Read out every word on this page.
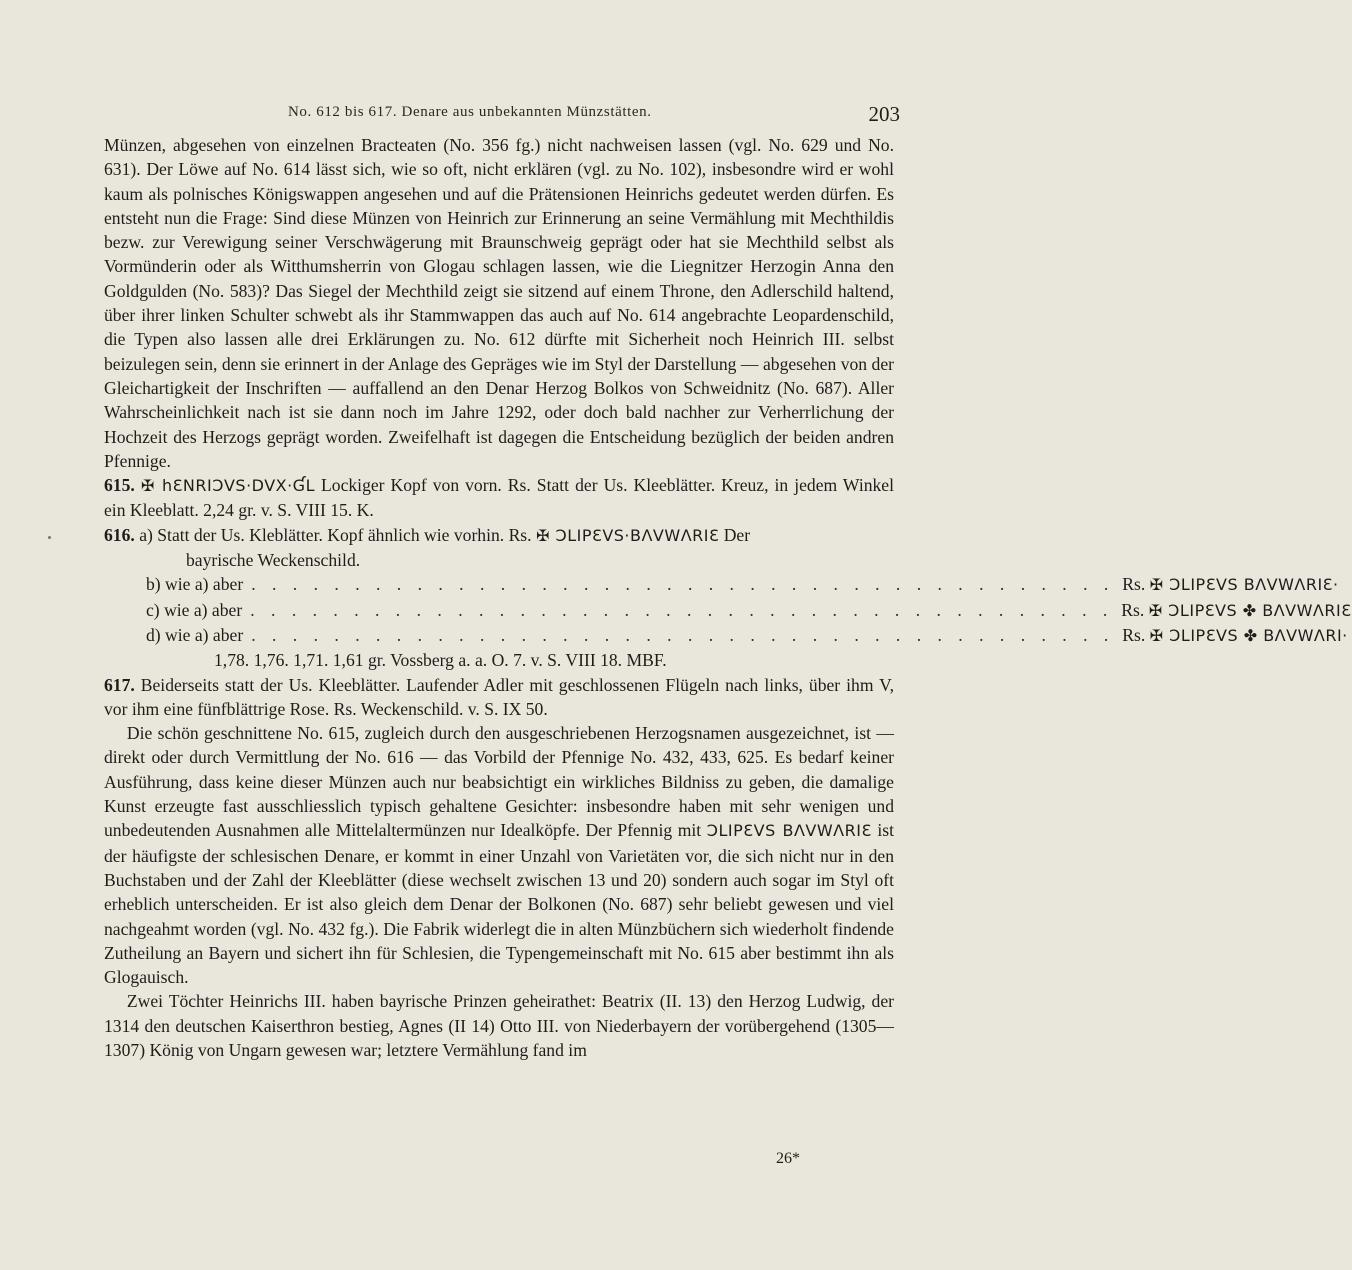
No. 612 bis 617. Denare aus unbekannten Münzstätten.	203

Münzen, abgesehen von einzelnen Bracteaten (No. 356 fg.) nicht nachweisen lassen (vgl. No. 629 und No. 631). Der Löwe auf No. 614 lässt sich, wie so oft, nicht erklären (vgl. zu No. 102), insbesondre wird er wohl kaum als polnisches Königswappen angesehen und auf die Prätensionen Heinrichs gedeutet werden dürfen. Es entsteht nun die Frage: Sind diese Münzen von Heinrich zur Erinnerung an seine Vermählung mit Mechthildis bezw. zur Verewigung seiner Verschwägerung mit Braunschweig geprägt oder hat sie Mechthild selbst als Vormünderin oder als Witthumsherrin von Glogau schlagen lassen, wie die Liegnitzer Herzogin Anna den Goldgulden (No. 583)? Das Siegel der Mechthild zeigt sie sitzend auf einem Throne, den Adlerschild haltend, über ihrer linken Schulter schwebt als ihr Stammwappen das auch auf No. 614 angebrachte Leopardenschild, die Typen also lassen alle drei Erklärungen zu. No. 612 dürfte mit Sicherheit noch Heinrich III. selbst beizulegen sein, denn sie erinnert in der Anlage des Gepräges wie im Styl der Darstellung — abgesehen von der Gleichartigkeit der Inschriften — auffallend an den Denar Herzog Bolkos von Schweidnitz (No. 687). Aller Wahrscheinlichkeit nach ist sie dann noch im Jahre 1292, oder doch bald nachher zur Verherrlichung der Hochzeit des Herzogs geprägt worden. Zweifelhaft ist dagegen die Entscheidung bezüglich der beiden andren Pfennige.

615. ✠ hƐNRIƆVS·DVX·ƓL Lockiger Kopf von vorn. Rs. Statt der Us. Kleeblätter. Kreuz, in jedem Winkel ein Kleeblatt. 2,24 gr. v. S. VIII 15. K.

616. a) Statt der Us. Kleblätter. Kopf ähnlich wie vorhin. Rs. ✠ ƆLIPƐVS·BΛVWΛRIƐ Der

bayrische Weckenschild.

b) wie a) aber . . . . . . . . . . . . . . . . . . . . . . . . . . . . . . . . . . . . . . . . . . Rs. ✠ ƆLIPƐVS BΛVWΛRIƐ·
c) wie a) aber . . . . . . . . . . . . . . . . . . . . . . . . . . . . . . . . . . . . . . . . . . Rs. ✠ ƆLIPƐVS ✤ BΛVWΛRIƐ
d) wie a) aber . . . . . . . . . . . . . . . . . . . . . . . . . . . . . . . . . . . . . . . . . . Rs. ✠ ƆLIPƐVS ✤ BΛVWΛRI·

1,78. 1,76. 1,71. 1,61 gr. Vossberg a. a. O. 7. v. S. VIII 18. MBF.

617. Beiderseits statt der Us. Kleeblätter. Laufender Adler mit geschlossenen Flügeln nach links, über ihm V, vor ihm eine fünfblättrige Rose. Rs. Weckenschild. v. S. IX 50.

Die schön geschnittene No. 615, zugleich durch den ausgeschriebenen Herzogsnamen ausgezeichnet, ist — direkt oder durch Vermittlung der No. 616 — das Vorbild der Pfennige No. 432, 433, 625. Es bedarf keiner Ausführung, dass keine dieser Münzen auch nur beabsichtigt ein wirkliches Bildniss zu geben, die damalige Kunst erzeugte fast ausschliesslich typisch gehaltene Gesichter: insbesondre haben mit sehr wenigen und unbedeutenden Ausnahmen alle Mittelaltermünzen nur Idealköpfe. Der Pfennig mit ƆLIPƐVS BΛVWΛRIƐ ist der häufigste der schlesischen Denare, er kommt in einer Unzahl von Varietäten vor, die sich nicht nur in den Buchstaben und der Zahl der Kleeblätter (diese wechselt zwischen 13 und 20) sondern auch sogar im Styl oft erheblich unterscheiden. Er ist also gleich dem Denar der Bolkonen (No. 687) sehr beliebt gewesen und viel nachgeahmt worden (vgl. No. 432 fg.). Die Fabrik widerlegt die in alten Münzbüchern sich wiederholt findende Zutheilung an Bayern und sichert ihn für Schlesien, die Typengemeinschaft mit No. 615 aber bestimmt ihn als Glogauisch.

Zwei Töchter Heinrichs III. haben bayrische Prinzen geheirathet: Beatrix (II. 13) den Herzog Ludwig, der 1314 den deutschen Kaiserthron bestieg, Agnes (II 14) Otto III. von Niederbayern der vorübergehend (1305—1307) König von Ungarn gewesen war; letztere Vermählung fand im

26*
